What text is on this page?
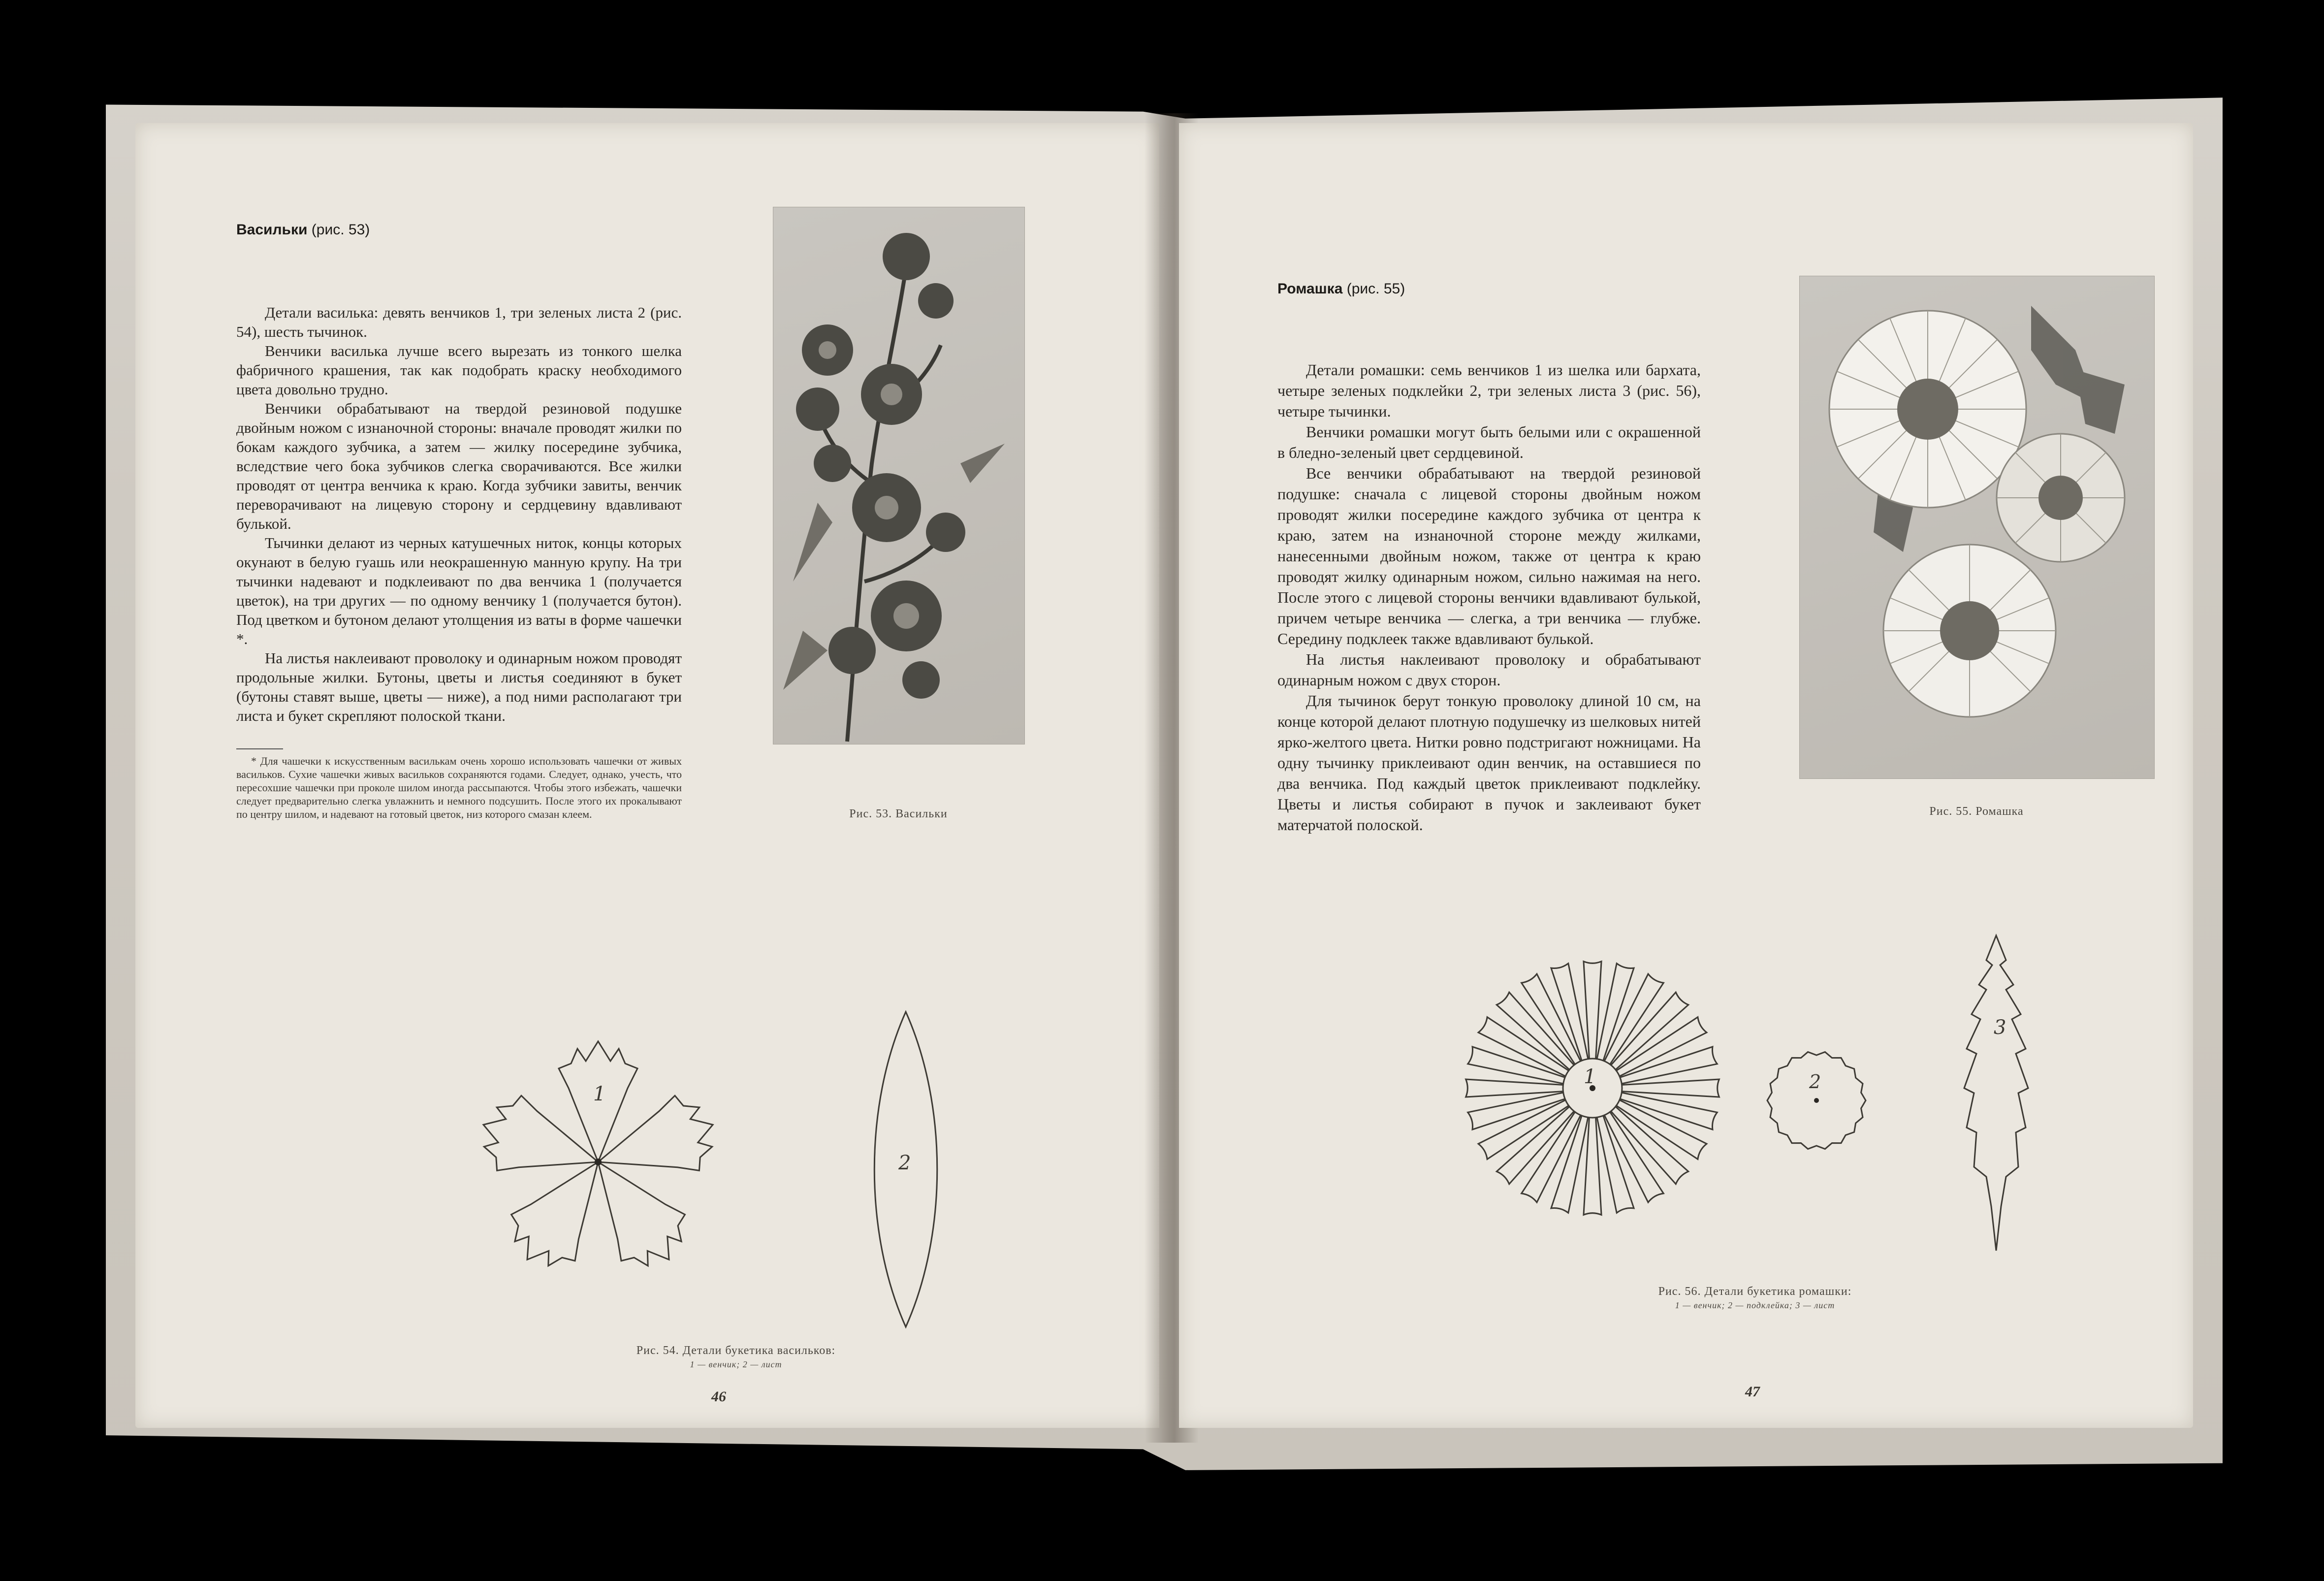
Васильки (рис. 53)

Детали василька: девять венчиков 1, три зеленых листа 2 (рис. 54), шесть тычинок.

Венчики василька лучше всего вырезать из тонкого шелка фабричного крашения, так как подобрать краску необходимого цвета довольно трудно.

Венчики обрабатывают на твердой резиновой подушке двойным ножом с изнаночной стороны: вначале проводят жилки по бокам каждого зубчика, а затем — жилку посередине зубчика, вследствие чего бока зубчиков слегка сворачиваются. Все жилки проводят от центра венчика к краю. Когда зубчики завиты, венчик переворачивают на лицевую сторону и сердцевину вдавливают булькой.

Тычинки делают из черных катушечных ниток, концы которых окунают в белую гуашь или неокрашенную манную крупу. На три тычинки надевают и подклеивают по два венчика 1 (получается цветок), на три других — по одному венчику 1 (получается бутон). Под цветком и бутоном делают утолщения из ваты в форме чашечки *.

На листья наклеивают проволоку и одинарным ножом проводят продольные жилки. Бутоны, цветы и листья соединяют в букет (бутоны ставят выше, цветы — ниже), а под ними располагают три листа и букет скрепляют полоской ткани.

* Для чашечки к искусственным василькам очень хорошо использовать чашечки от живых васильков. Сухие чашечки живых васильков сохраняются годами. Следует, однако, учесть, что пересохшие чашечки при проколе шилом иногда рассыпаются. Чтобы этого избежать, чашечки следует предварительно слегка увлажнить и немного подсушить. После этого их прокалывают по центру шилом, и надевают на готовый цветок, низ которого смазан клеем.	Рис. 53. Васильки
1
2
Рис. 54. Детали букетика васильков:
1 — венчик; 2 — лист
46
Ромашка (рис. 55)

Детали ромашки: семь венчиков 1 из шелка или бархата, четыре зеленых подклейки 2, три зеленых листа 3 (рис. 56), четыре тычинки.

Венчики ромашки могут быть белыми или с окрашенной в бледно-зеленый цвет сердцевиной.

Все венчики обрабатывают на твердой резиновой подушке: сначала с лицевой стороны двойным ножом проводят жилки посередине каждого зубчика от центра к краю, затем на изнаночной стороне между жилками, нанесенными двойным ножом, также от центра к краю проводят жилку одинарным ножом, сильно нажимая на него. После этого с лицевой стороны венчики вдавливают булькой, причем четыре венчика — слегка, а три венчика — глубже. Середину подклеек также вдавливают булькой.

На листья наклеивают проволоку и обрабатывают одинарным ножом с двух сторон.

Для тычинок берут тонкую проволоку длиной 10 см, на конце которой делают плотную подушечку из шелковых нитей ярко-желтого цвета. Нитки ровно подстригают ножницами. На одну тычинку приклеивают один венчик, на оставшиеся по два венчика. Под каждый цветок приклеивают подклейку. Цветы и листья собирают в пучок и заклеивают букет матерчатой полоской.

Рис. 55. Ромашка
1	2
3
Рис. 56. Детали букетика ромашки:
1 — венчик; 2 — подклейка; 3 — лист
47
